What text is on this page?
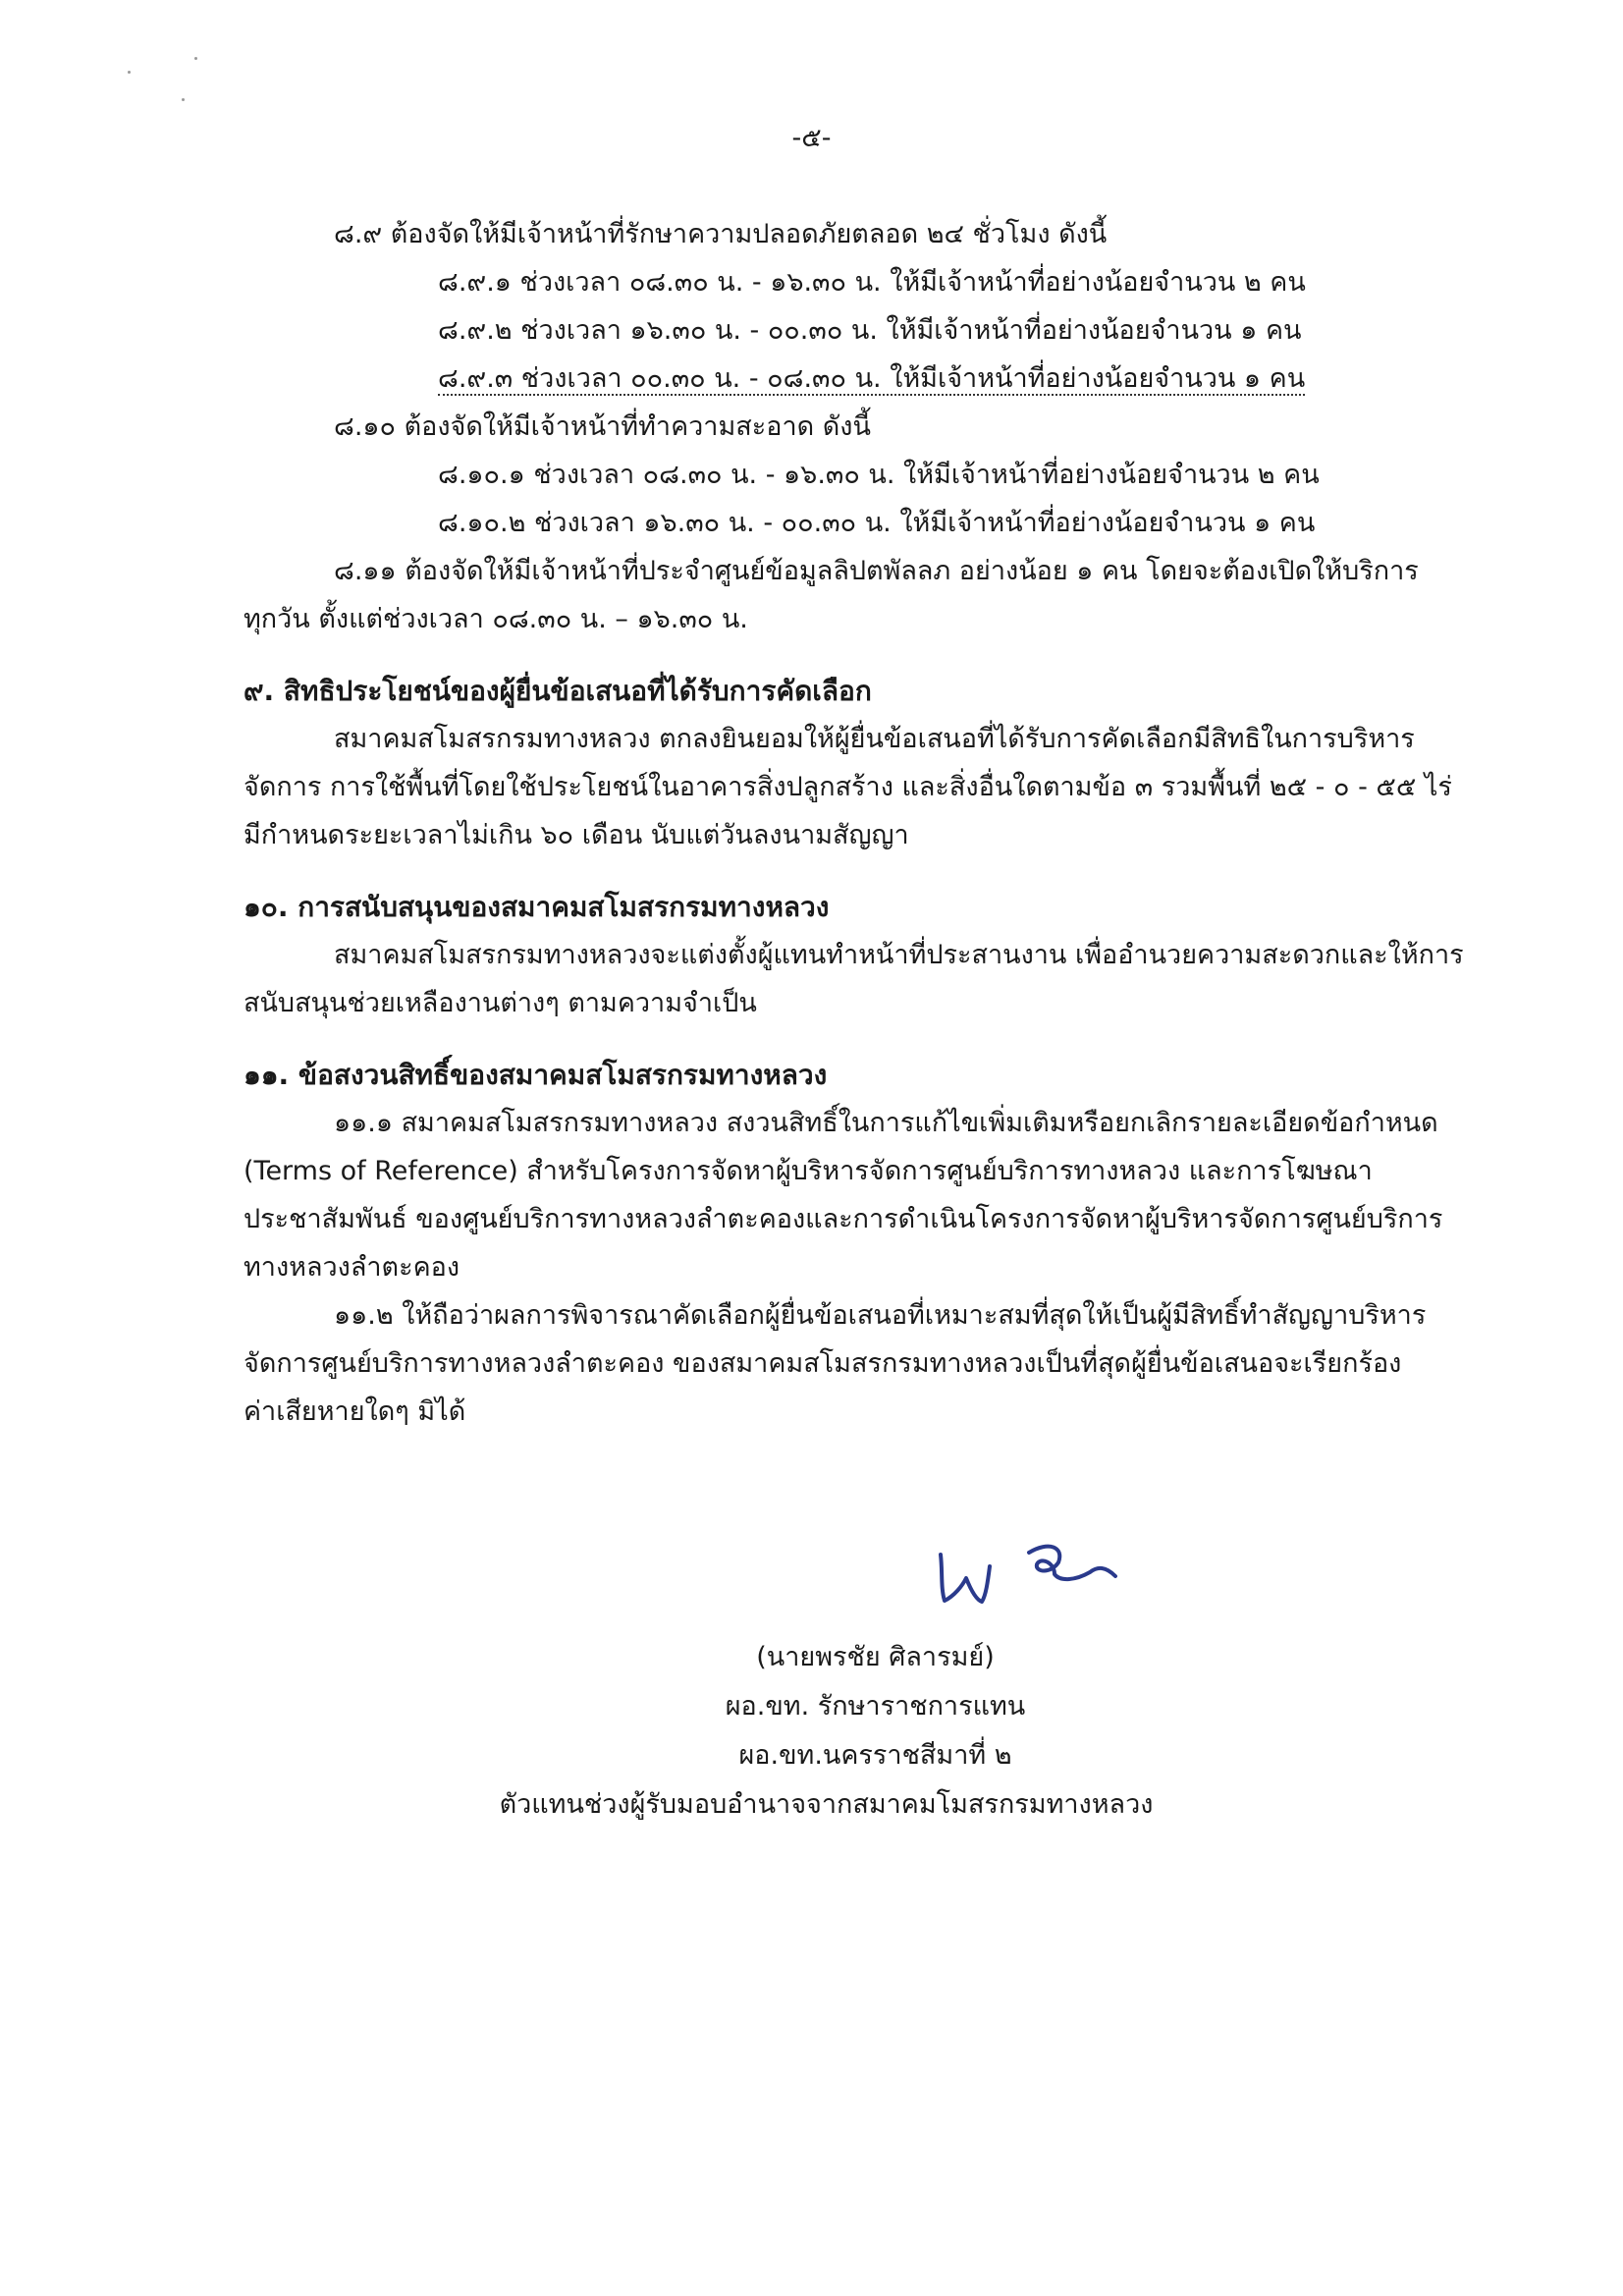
-๕-
๘.๙ ต้องจัดให้มีเจ้าหน้าที่รักษาความปลอดภัยตลอด ๒๔ ชั่วโมง ดังนี้
๘.๙.๑ ช่วงเวลา ๐๘.๓๐ น. - ๑๖.๓๐ น. ให้มีเจ้าหน้าที่อย่างน้อยจำนวน ๒ คน
๘.๙.๒ ช่วงเวลา ๑๖.๓๐ น. - ๐๐.๓๐ น. ให้มีเจ้าหน้าที่อย่างน้อยจำนวน ๑ คน
๘.๙.๓ ช่วงเวลา ๐๐.๓๐ น. - ๐๘.๓๐ น. ให้มีเจ้าหน้าที่อย่างน้อยจำนวน ๑ คน
๘.๑๐ ต้องจัดให้มีเจ้าหน้าที่ทำความสะอาด ดังนี้
๘.๑๐.๑ ช่วงเวลา ๐๘.๓๐ น. - ๑๖.๓๐ น. ให้มีเจ้าหน้าที่อย่างน้อยจำนวน ๒ คน
๘.๑๐.๒ ช่วงเวลา ๑๖.๓๐ น. - ๐๐.๓๐ น. ให้มีเจ้าหน้าที่อย่างน้อยจำนวน ๑ คน
๘.๑๑ ต้องจัดให้มีเจ้าหน้าที่ประจำศูนย์ข้อมูลลิปตพัลลภ อย่างน้อย ๑ คน โดยจะต้องเปิดให้บริการ
ทุกวัน ตั้งแต่ช่วงเวลา ๐๘.๓๐ น. – ๑๖.๓๐ น.
๙. สิทธิประโยชน์ของผู้ยื่นข้อเสนอที่ได้รับการคัดเลือก
สมาคมสโมสรกรมทางหลวง ตกลงยินยอมให้ผู้ยื่นข้อเสนอที่ได้รับการคัดเลือกมีสิทธิในการบริหาร
จัดการ การใช้พื้นที่โดยใช้ประโยชน์ในอาคารสิ่งปลูกสร้าง และสิ่งอื่นใดตามข้อ ๓ รวมพื้นที่ ๒๕ - ๐ - ๕๕ ไร่
มีกำหนดระยะเวลาไม่เกิน ๖๐ เดือน นับแต่วันลงนามสัญญา
๑๐. การสนับสนุนของสมาคมสโมสรกรมทางหลวง
สมาคมสโมสรกรมทางหลวงจะแต่งตั้งผู้แทนทำหน้าที่ประสานงาน เพื่ออำนวยความสะดวกและให้การ
สนับสนุนช่วยเหลืองานต่างๆ ตามความจำเป็น
๑๑. ข้อสงวนสิทธิ์ของสมาคมสโมสรกรมทางหลวง
๑๑.๑ สมาคมสโมสรกรมทางหลวง สงวนสิทธิ์ในการแก้ไขเพิ่มเติมหรือยกเลิกรายละเอียดข้อกำหนด
(Terms of Reference) สำหรับโครงการจัดหาผู้บริหารจัดการศูนย์บริการทางหลวง และการโฆษณา
ประชาสัมพันธ์ ของศูนย์บริการทางหลวงลำตะคองและการดำเนินโครงการจัดหาผู้บริหารจัดการศูนย์บริการ
ทางหลวงลำตะคอง
๑๑.๒ ให้ถือว่าผลการพิจารณาคัดเลือกผู้ยื่นข้อเสนอที่เหมาะสมที่สุดให้เป็นผู้มีสิทธิ์ทำสัญญาบริหาร
จัดการศูนย์บริการทางหลวงลำตะคอง ของสมาคมสโมสรกรมทางหลวงเป็นที่สุดผู้ยื่นข้อเสนอจะเรียกร้อง
ค่าเสียหายใดๆ มิได้
(นายพรชัย ศิลารมย์)
ผอ.ขท. รักษาราชการแทน
ผอ.ขท.นครราชสีมาที่ ๒
ตัวแทนช่วงผู้รับมอบอำนาจจากสมาคมโมสรกรมทางหลวง
